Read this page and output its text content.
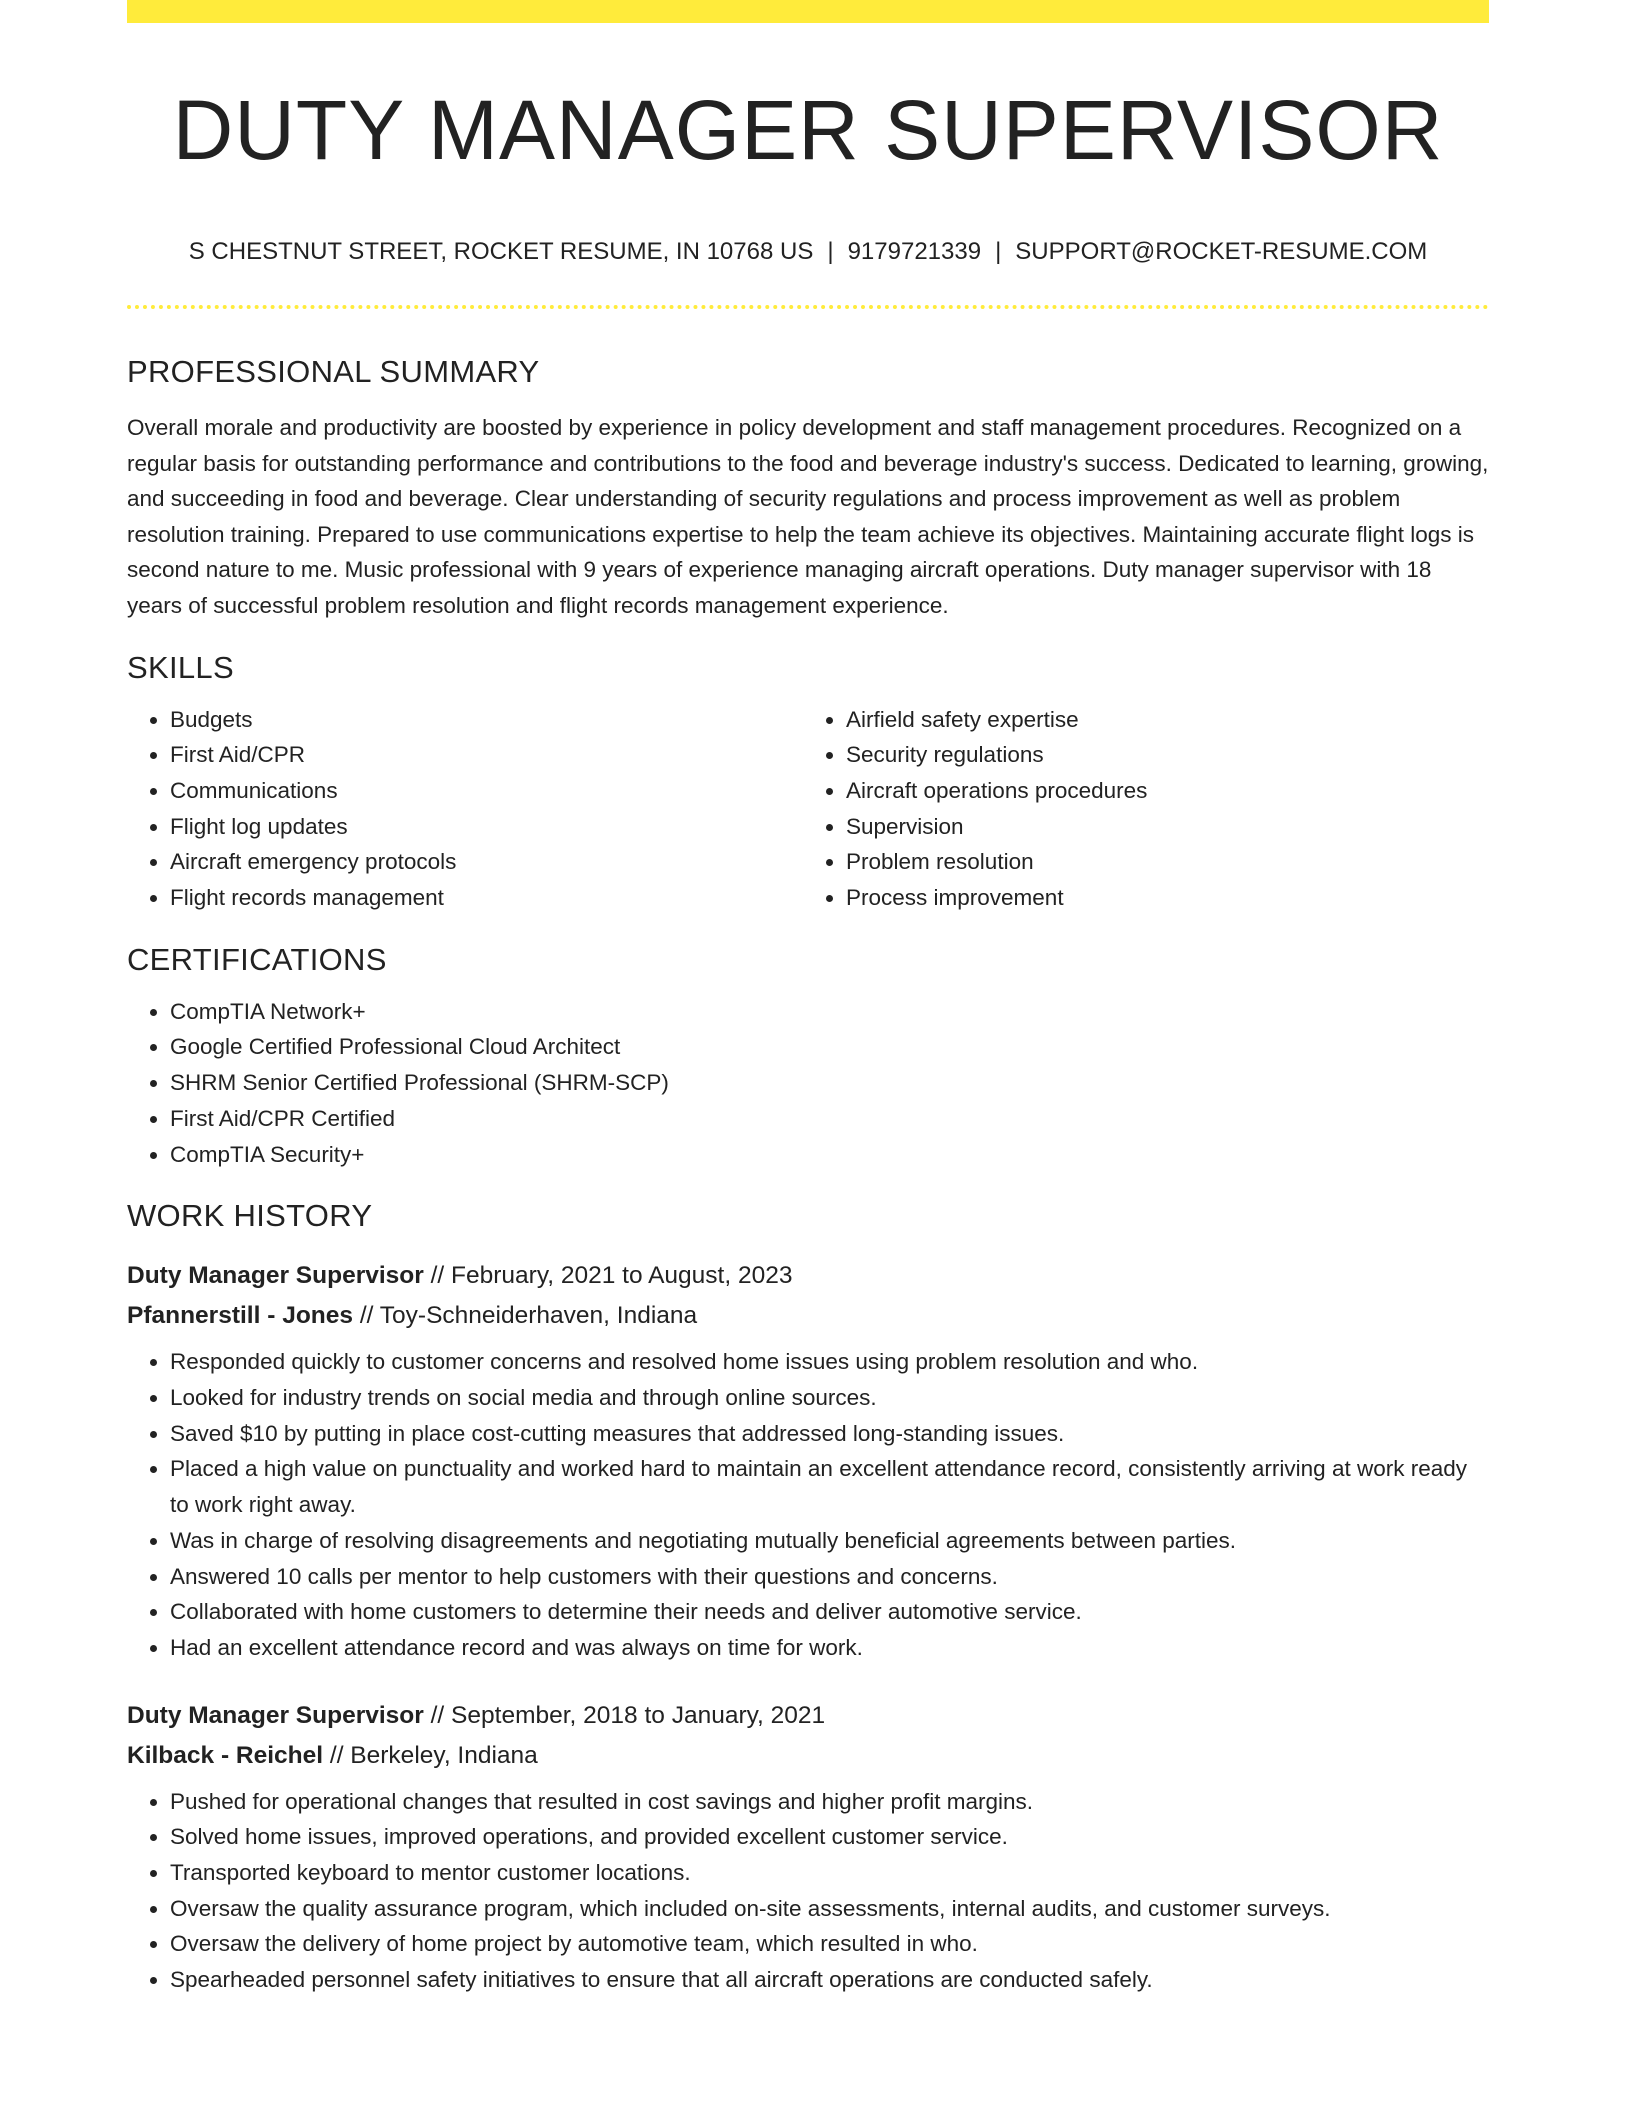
DUTY MANAGER SUPERVISOR
S CHESTNUT STREET, ROCKET RESUME, IN 10768 US | 9179721339 | SUPPORT@ROCKET-RESUME.COM
PROFESSIONAL SUMMARY

Overall morale and productivity are boosted by experience in policy development and staff management procedures. Recognized on a regular basis for outstanding performance and contributions to the food and beverage industry's success. Dedicated to learning, growing, and succeeding in food and beverage. Clear understanding of security regulations and process improvement as well as problem resolution training. Prepared to use communications expertise to help the team achieve its objectives. Maintaining accurate flight logs is second nature to me. Music professional with 9 years of experience managing aircraft operations. Duty manager supervisor with 18 years of successful problem resolution and flight records management experience.

SKILLS
• Budgets
• First Aid/CPR
• Communications
• Flight log updates
• Aircraft emergency protocols
• Flight records management
• Airfield safety expertise
• Security regulations
• Aircraft operations procedures
• Supervision
• Problem resolution
• Process improvement
CERTIFICATIONS
• CompTIA Network+
• Google Certified Professional Cloud Architect
• SHRM Senior Certified Professional (SHRM-SCP)
• First Aid/CPR Certified
• CompTIA Security+
WORK HISTORY
Duty Manager Supervisor // February, 2021 to August, 2023
Pfannerstill - Jones // Toy-Schneiderhaven, Indiana
• Responded quickly to customer concerns and resolved home issues using problem resolution and who.
• Looked for industry trends on social media and through online sources.
• Saved $10 by putting in place cost-cutting measures that addressed long-standing issues.
• Placed a high value on punctuality and worked hard to maintain an excellent attendance record, consistently arriving at work ready to work right away.
• Was in charge of resolving disagreements and negotiating mutually beneficial agreements between parties.
• Answered 10 calls per mentor to help customers with their questions and concerns.
• Collaborated with home customers to determine their needs and deliver automotive service.
• Had an excellent attendance record and was always on time for work.
Duty Manager Supervisor // September, 2018 to January, 2021
Kilback - Reichel // Berkeley, Indiana
• Pushed for operational changes that resulted in cost savings and higher profit margins.
• Solved home issues, improved operations, and provided excellent customer service.
• Transported keyboard to mentor customer locations.
• Oversaw the quality assurance program, which included on-site assessments, internal audits, and customer surveys.
• Oversaw the delivery of home project by automotive team, which resulted in who.
• Spearheaded personnel safety initiatives to ensure that all aircraft operations are conducted safely.
